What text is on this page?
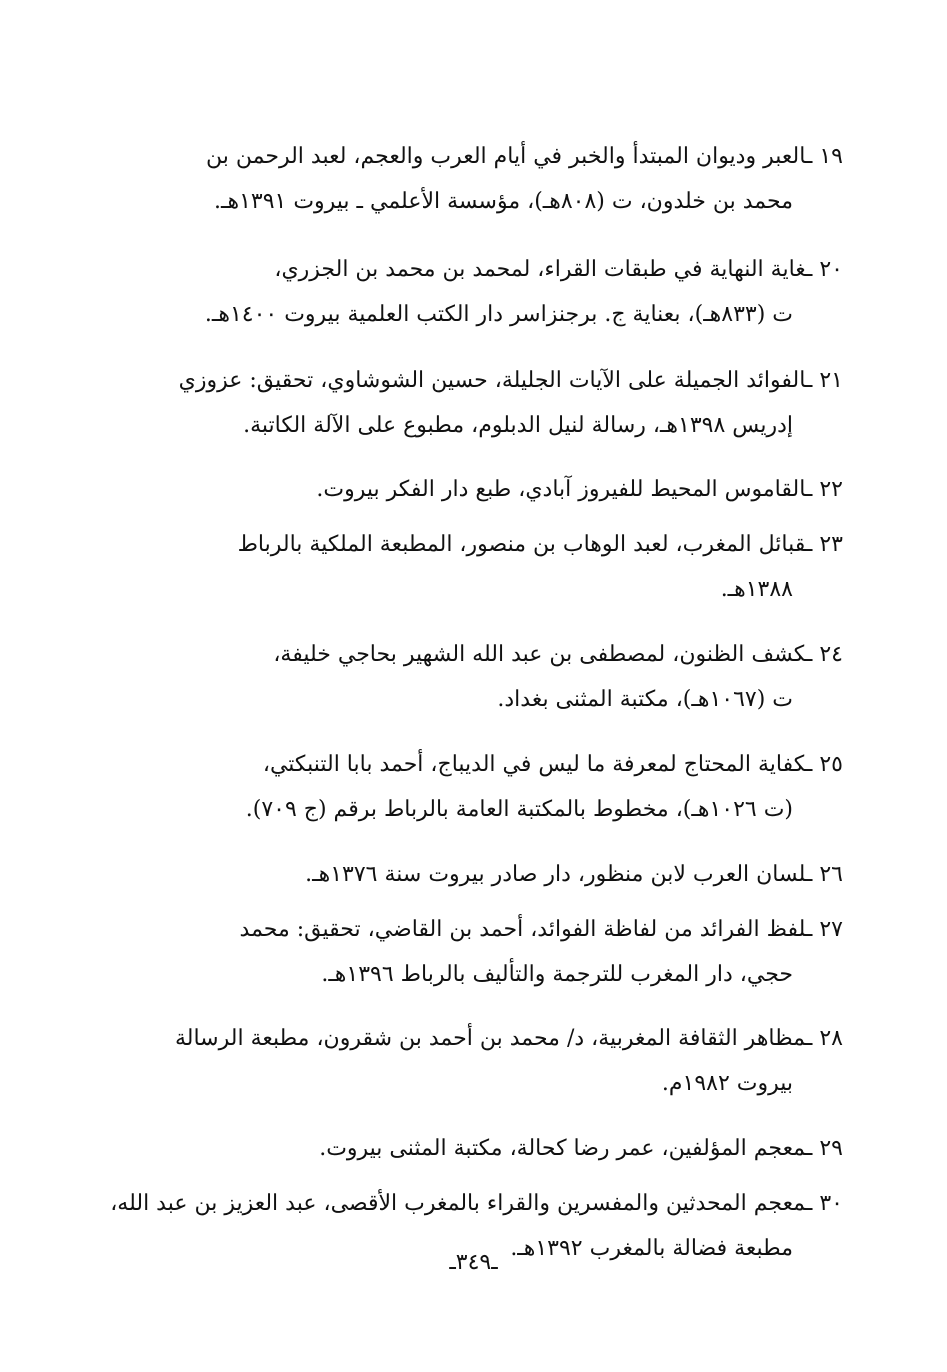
١٩ ـالعبر وديوان المبتدأ والخبر في أيام العرب والعجم، لعبد الرحمن بن
محمد بن خلدون، ت (٨٠٨هـ)، مؤسسة الأعلمي ـ بيروت ١٣٩١هـ.
٢٠ ـغاية النهاية في طبقات القراء، لمحمد بن محمد بن الجزري،
ت (٨٣٣هـ)، بعناية ج. برجنزاسر دار الكتب العلمية بيروت ١٤٠٠هـ.
٢١ ـالفوائد الجميلة على الآيات الجليلة، حسين الشوشاوي، تحقيق: عزوزي
إدريس ١٣٩٨هـ، رسالة لنيل الدبلوم، مطبوع على الآلة الكاتبة.
٢٢ ـالقاموس المحيط للفيروز آبادي، طبع دار الفكر بيروت.
٢٣ ـقبائل المغرب، لعبد الوهاب بن منصور، المطبعة الملكية بالرباط
١٣٨٨هـ.
٢٤ ـكشف الظنون، لمصطفى بن عبد الله الشهير بحاجي خليفة،
ت (١٠٦٧هـ)، مكتبة المثنى بغداد.
٢٥ ـكفاية المحتاج لمعرفة ما ليس في الديباج، أحمد بابا التنبكتي،
(ت ١٠٢٦هـ)، مخطوط بالمكتبة العامة بالرباط برقم (ج ٧٠٩).
٢٦ ـلسان العرب لابن منظور، دار صادر بيروت سنة ١٣٧٦هـ.
٢٧ ـلفظ الفرائد من لفاظة الفوائد، أحمد بن القاضي، تحقيق: محمد
حجي، دار المغرب للترجمة والتأليف بالرباط ١٣٩٦هـ.
٢٨ ـمظاهر الثقافة المغربية، د/ محمد بن أحمد بن شقرون، مطبعة الرسالة
بيروت ١٩٨٢م.
٢٩ ـمعجم المؤلفين، عمر رضا كحالة، مكتبة المثنى بيروت.
٣٠ ـمعجم المحدثين والمفسرين والقراء بالمغرب الأقصى، عبد العزيز بن عبد الله،
مطبعة فضالة بالمغرب ١٣٩٢هـ.
ـ٣٤٩ـ
